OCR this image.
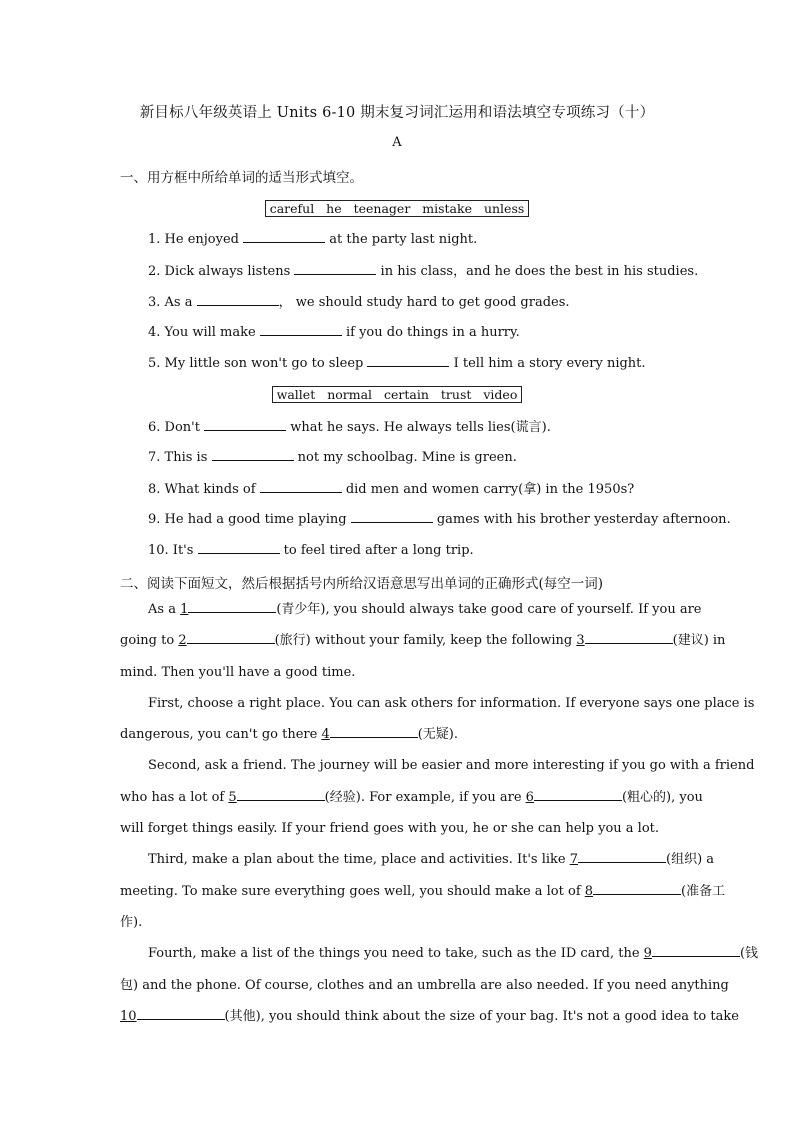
新目标八年级英语上 Units 6-10 期末复习词汇运用和语法填空专项练习（十）
A
一、用方框中所给单词的适当形式填空。
careful he teenager mistake unless
1. He enjoyed	at the party last night.
2. Dick always listens	in his class，and he does the best in his studies.
3. As a	， we should study hard to get good grades.
4. You will make	if you do things in a hurry.
5. My little son won't go to sleep	I tell him a story every night.
wallet normal certain trust video
6. Don't	what he says. He always tells lies(谎言).
7. This is	not my schoolbag. Mine is green.
8. What kinds of	did men and women carry(拿) in the 1950s?
9. He had a good time playing	games with his brother yesterday afternoon.
10. It's	to feel tired after a long trip.
二、阅读下面短文，然后根据括号内所给汉语意思写出单词的正确形式(每空一词)
As a 1	(青少年), you should always take good care of yourself. If you are
going to 2	(旅行) without your family, keep the following 3	(建议) in
mind. Then you'll have a good time.
First, choose a right place. You can ask others for information. If everyone says one place is
dangerous, you can't go there 4	(无疑).
Second, ask a friend. The journey will be easier and more interesting if you go with a friend
who has a lot of 5	(经验). For example, if you are 6	(粗心的), you
will forget things easily. If your friend goes with you, he or she can help you a lot.
Third, make a plan about the time, place and activities. It's like 7	(组织) a
meeting. To make sure everything goes well, you should make a lot of 8	(准备工
作).
Fourth, make a list of the things you need to take, such as the ID card, the 9	(钱
包) and the phone. Of course, clothes and an umbrella are also needed. If you need anything
10	(其他), you should think about the size of your bag. It's not a good idea to take
